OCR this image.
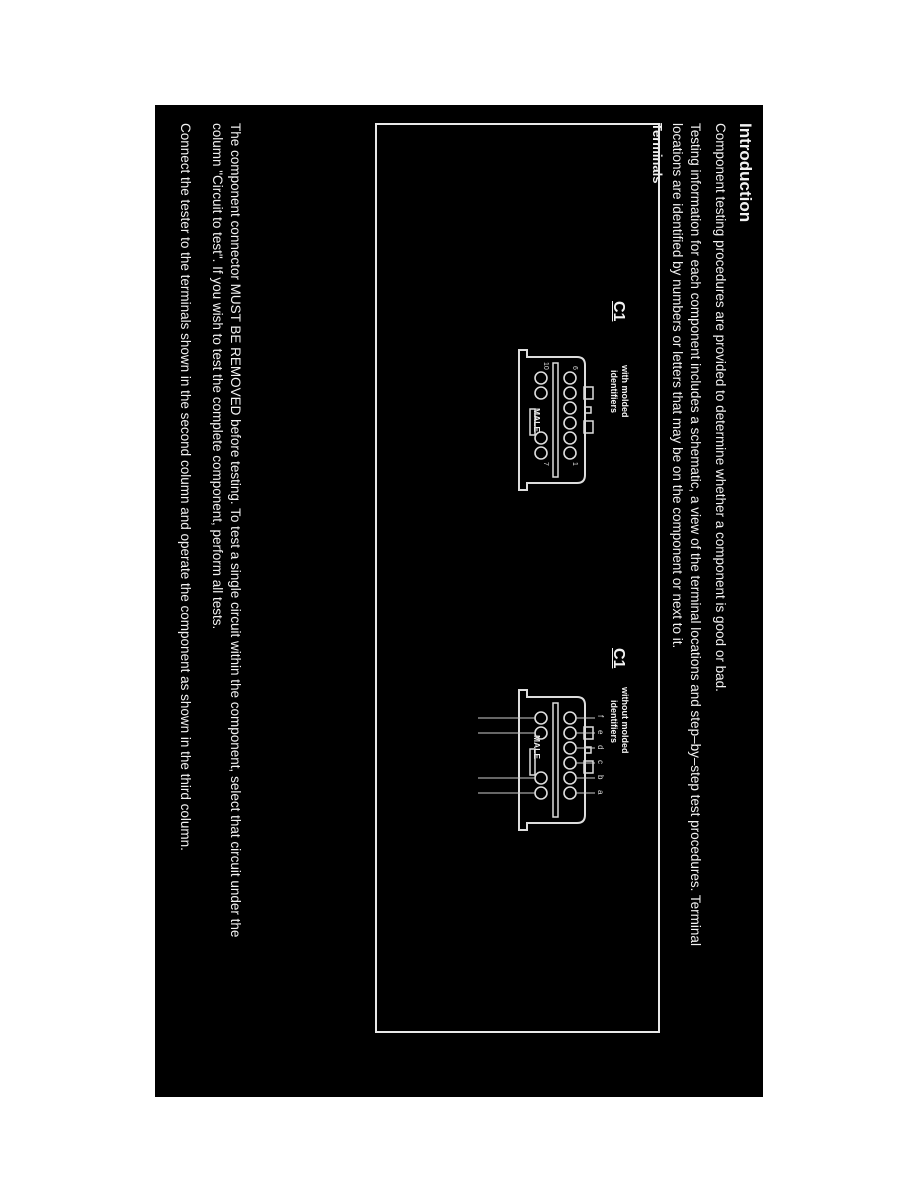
Introduction
Component testing procedures are provided to determine whether a component is good or bad.
Testing information for each component includes a schematic, a view of the terminal locations and step–by–step test procedures. Terminal
locations are identified by numbers or letters that may be on the component or next to it.
Terminals
C1
with molded
identifiers
MALE
1
6
7
10
C1
without molded
identifiers
MALE
a
b
c
d
e
f
The component connector MUST BE REMOVED before testing. To test a single circuit within the component, select that circuit under the
column "Circuit to test". If you wish to test the complete component, perform all tests.
Connect the tester to the terminals shown in the second column and operate the component as shown in the third column.
